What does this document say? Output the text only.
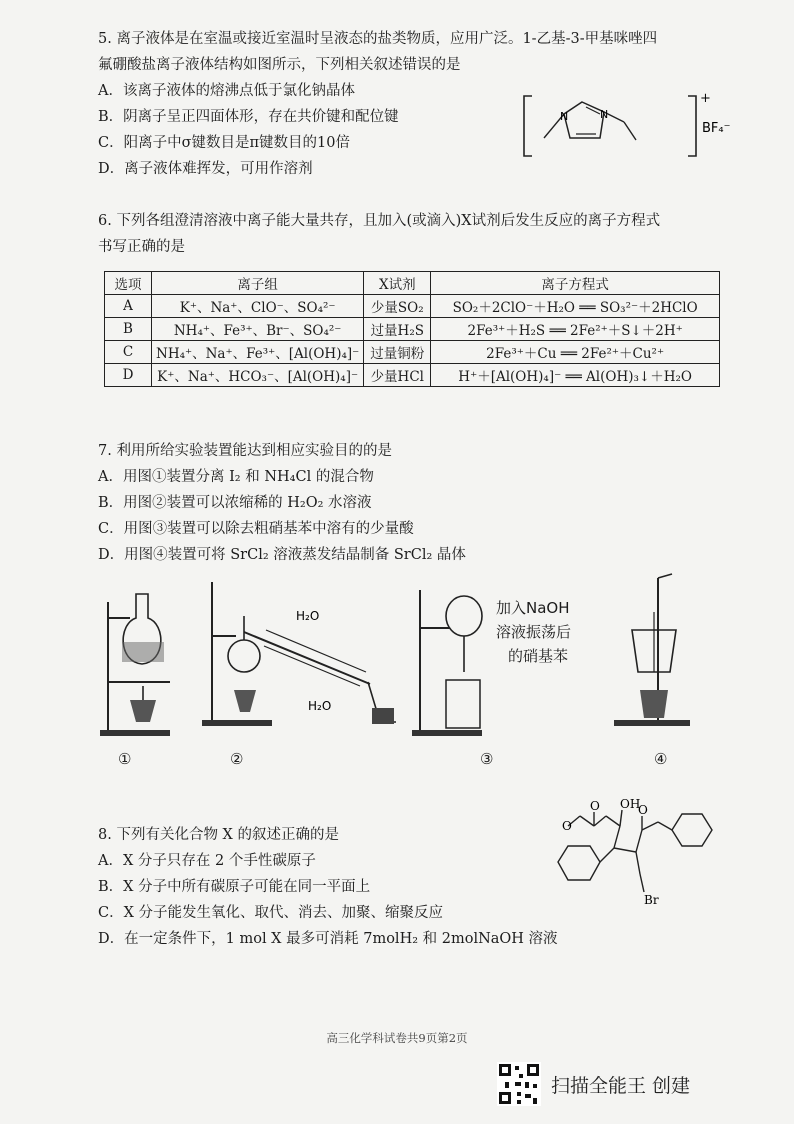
5. 离子液体是在室温或接近室温时呈液态的盐类物质，应用广泛。1-乙基-3-甲基咪唑四

氟硼酸盐离子液体结构如图所示，下列相关叙述错误的是

A．该离子液体的熔沸点低于氯化钠晶体

B．阴离子呈正四面体形，存在共价键和配位键

C．阳离子中σ键数目是π键数目的10倍

D．离子液体难挥发，可用作溶剂

N	N
+
BF₄⁻

6. 下列各组澄清溶液中离子能大量共存，且加入(或滴入)X试剂后发生反应的离子方程式

书写正确的是

选项	离子组	X试剂	离子方程式
A	K⁺、Na⁺、ClO⁻、SO₄²⁻	少量SO₂	SO₂＋2ClO⁻＋H₂O ══ SO₃²⁻＋2HClO
B	NH₄⁺、Fe³⁺、Br⁻、SO₄²⁻	过量H₂S	2Fe³⁺＋H₂S ══ 2Fe²⁺＋S↓＋2H⁺
C	NH₄⁺、Na⁺、Fe³⁺、[Al(OH)₄]⁻	过量铜粉	2Fe³⁺＋Cu ══ 2Fe²⁺＋Cu²⁺
D	K⁺、Na⁺、HCO₃⁻、[Al(OH)₄]⁻	少量HCl	H⁺＋[Al(OH)₄]⁻ ══ Al(OH)₃↓＋H₂O

7. 利用所给实验装置能达到相应实验目的的是

A．用图①装置分离 I₂ 和 NH₄Cl 的混合物

B．用图②装置可以浓缩稀的 H₂O₂ 水溶液

C．用图③装置可以除去粗硝基苯中溶有的少量酸

D．用图④装置可将 SrCl₂ 溶液蒸发结晶制备 SrCl₂ 晶体

①
H₂O
H₂O
②
加入NaOH
溶液振荡后
的硝基苯
③	④

8. 下列有关化合物 X 的叙述正确的是

A．X 分子只存在 2 个手性碳原子

B．X 分子中所有碳原子可能在同一平面上

C．X 分子能发生氧化、取代、消去、加聚、缩聚反应

D．在一定条件下，1 mol X 最多可消耗 7molH₂ 和 2molNaOH 溶液

O
O
OH
O
Br
高三化学科试卷共9页第2页
扫描全能王 创建
